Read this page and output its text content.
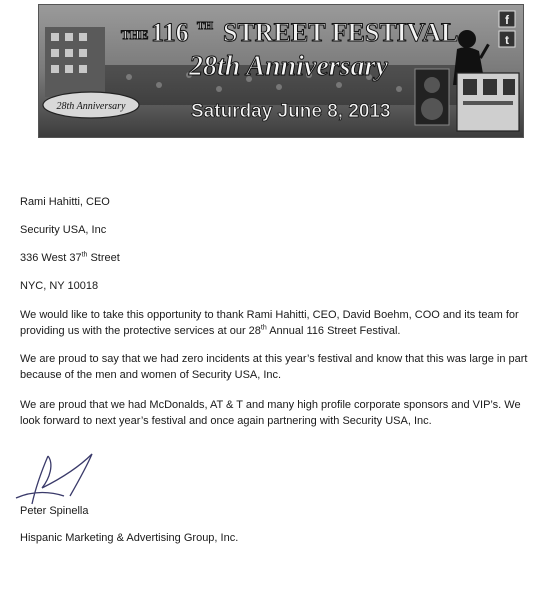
28th Anniversary
f
t
THE 116 TH STREET FESTIVAL
28th Anniversary
Saturday June 8, 2013

Rami Hahitti, CEO

Security USA, Inc

336 West 37th Street

NYC, NY 10018

We would like to take this opportunity to thank Rami Hahitti, CEO, David Boehm, COO and its team for providing us with the protective services at our 28th Annual 116 Street Festival.

We are proud to say that we had zero incidents at this year’s festival and know that this was large in part because of the men and women of Security USA, Inc.

We are proud that we had McDonalds, AT & T and many high profile corporate sponsors and VIP’s. We look forward to next year’s festival and once again partnering with Security USA, Inc.

Peter Spinella

Hispanic Marketing & Advertising Group, Inc.
